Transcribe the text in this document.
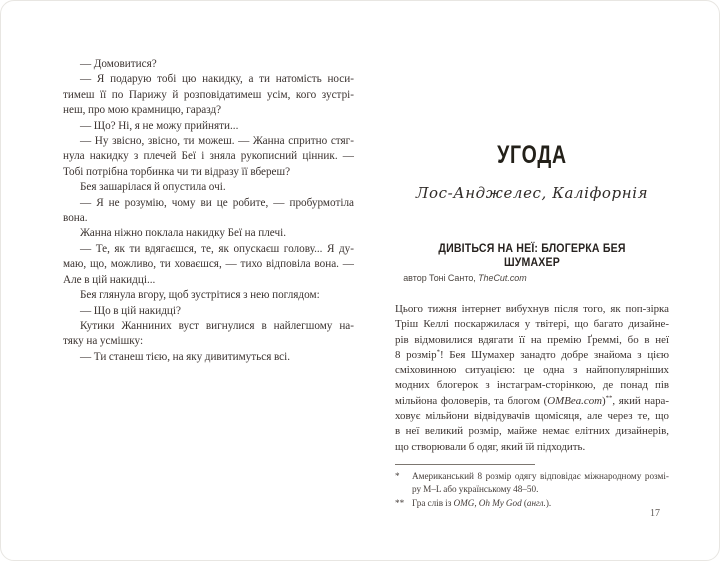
— Домовитися?
— Я подарую тобі цю накидку, а ти натомість носи-
тимеш її по Парижу й розповідатимеш усім, кого зустрі-
неш, про мою крамницю, гаразд?
— Що? Ні, я не можу прийняти...
— Ну звісно, звісно, ти можеш. — Жанна спритно стяг-
нула накидку з плечей Беї і зняла рукописний цінник. —
Тобі потрібна торбинка чи ти відразу її вбереш?
Бея зашарілася й опустила очі.
— Я не розумію, чому ви це робите, — пробурмотіла
вона.
Жанна ніжно поклала накидку Беї на плечі.
— Те, як ти вдягаєшся, те, як опускаєш голову... Я ду-
маю, що, можливо, ти ховаєшся, — тихо відповіла вона. —
Але в цій накидці...
Бея глянула вгору, щоб зустрітися з нею поглядом:
— Що в цій накидці?
Кутики Жанниних вуст вигнулися в найлегшому на-
тяку на усмішку:
— Ти станеш тією, на яку дивитимуться всі.
УГОДА
Лос-Анджелес, Каліфорнія
ДИВІТЬСЯ НА НЕЇ: БЛОГЕРКА БЕЯ ШУМАХЕР
автор Тоні Санто, TheCut.com
Цього тижня інтернет вибухнув після того, як поп-зірка
Тріш Келлі поскаржилася у твітері, що багато дизайне-
рів відмовилися вдягати її на премію Ґреммі, бо в неї
8 розмір*! Бея Шумахер занадто добре знайома з цією
сміховинною ситуацією: це одна з найпопулярніших
модних блогерок з інстаграм-сторінкою, де понад пів
мільйона фоловерів, та блогом (OMBea.com)**, який нара-
ховує мільйони відвідувачів щомісяця, але через те, що
в неї великий розмір, майже немає елітних дизайнерів,
що створювали б одяг, який їй підходить.
*	Американський 8 розмір одягу відповідає міжнародному розмі-
ру M–L або українському 48–50.
** Гра слів із OMG, Oh My God (англ.).
17
